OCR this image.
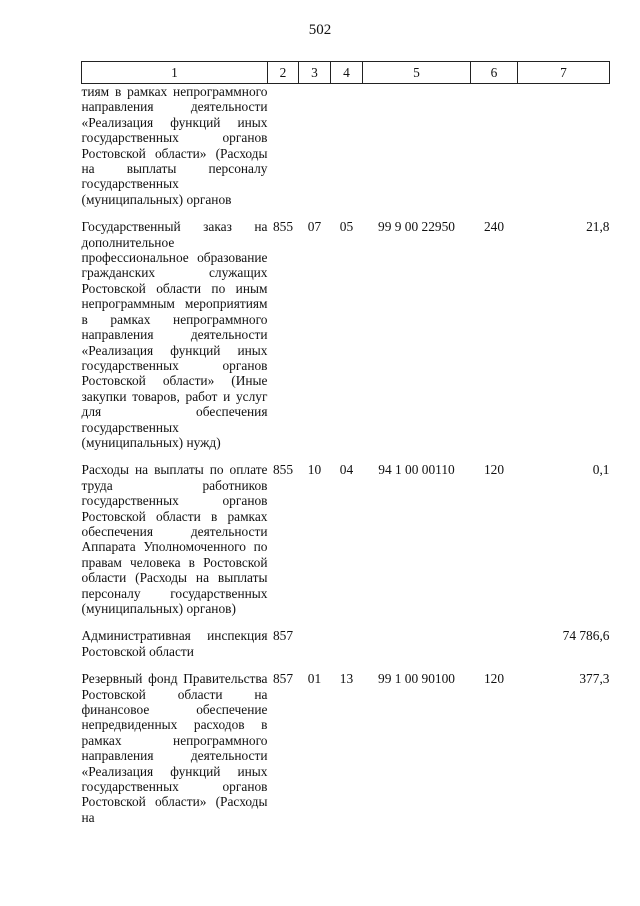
502
1	2	3	4	5	6	7
тиям в рамках непрограммного направления деятельности «Реализация функций иных государственных органов Ростовской области» (Расходы на выплаты персоналу государственных (муниципальных) органов						

Государственный заказ на дополнительное профессиональное образование гражданских служащих Ростовской области по иным непрограммным мероприятиям в рамках непрограммного направления деятельности «Реализация функций иных государственных органов Ростовской области» (Иные закупки товаров, работ и услуг для обеспечения государственных (муниципальных) нужд)	855	07	05	99 9 00 22950	240	21,8

Расходы на выплаты по оплате труда работников государственных органов Ростовской области в рамках обеспечения деятельности Аппарата Уполномоченного по правам человека в Ростовской области (Расходы на выплаты персоналу государственных (муниципальных) органов)	855	10	04	94 1 00 00110	120	0,1

Административная инспекция Ростовской области	857					74 786,6

Резервный фонд Правительства Ростовской области на финансовое обеспечение непредвиденных расходов в рамках непрограммного направления деятельности «Реализация функций иных государственных органов Ростовской области» (Расходы на	857	01	13	99 1 00 90100	120	377,3
